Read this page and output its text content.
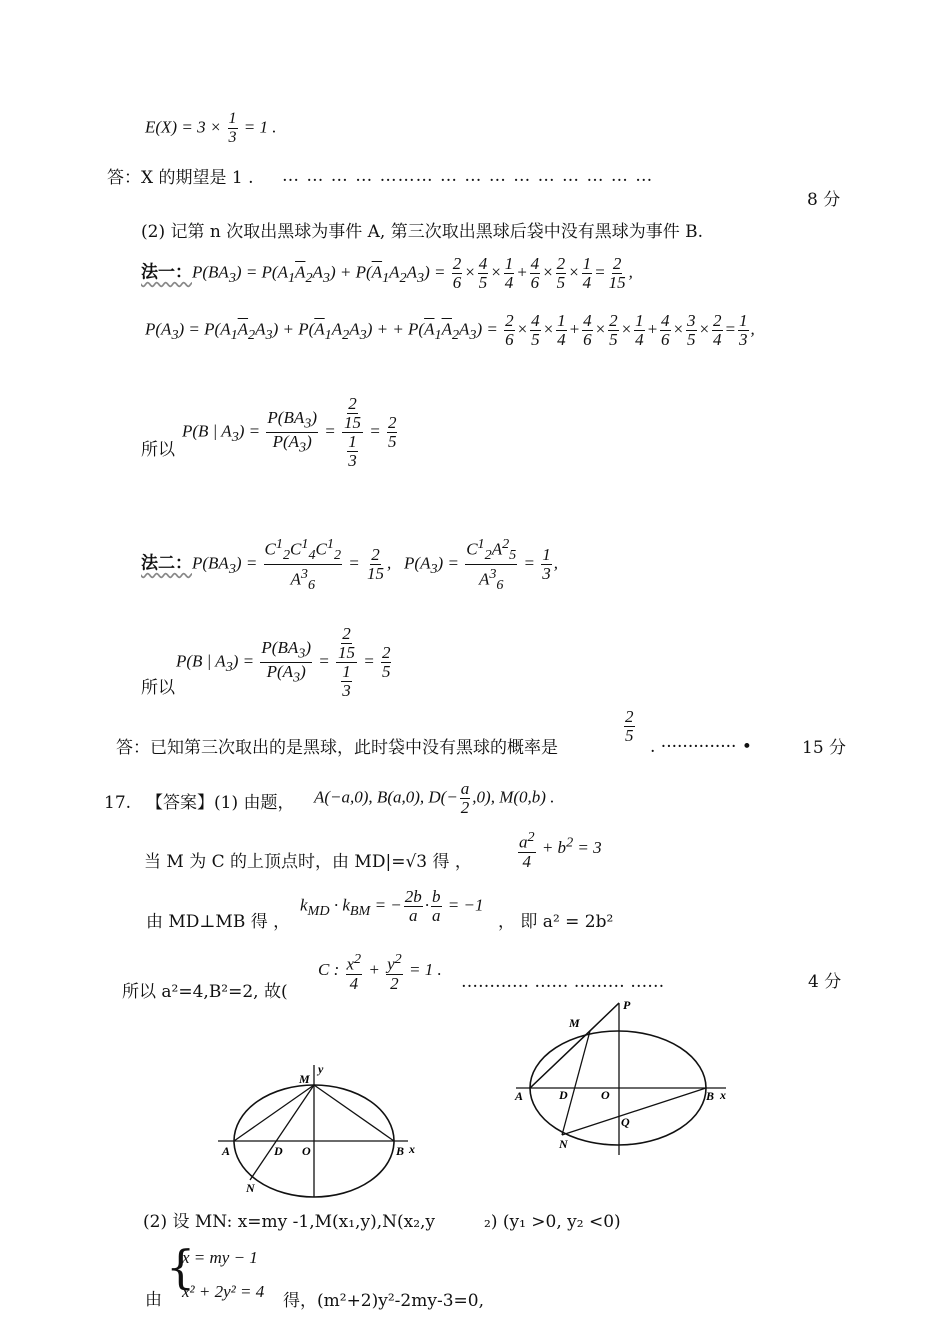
$E(X) = 3 \times \frac{1}{3} = 1$ .
答：X 的期望是 1 . … … … … ……… … … … … … … … … …
8 分
(2) 记第 n 次取出黑球为事件 A, 第三次取出黑球后袋中没有黑球为事件 B.
法一：$P(BA_3) = P(A_1\overline{A}_2A_3) + P(\overline{A}_1A_2A_3) = \frac{2}{6} \times \frac{4}{5} \times \frac{1}{4} + \frac{4}{6} \times \frac{2}{5} \times \frac{1}{4} = \frac{2}{15}$ ,
$P(A_3) = P(A_1\overline{A}_2A_3) + P(\overline{A}_1A_2A_3)$ + + $P(\overline{A}_1\overline{A}_2A_3) = \frac{2}{6} \times \frac{4}{5} \times \frac{1}{4} + \frac{4}{6} \times \frac{2}{5} \times \frac{1}{4} + \frac{4}{6} \times \frac{3}{5} \times \frac{2}{4} = \frac{1}{3}$ ,
P(B | $A_3) = \frac{P(BA_3)}{P(A_3)} = \frac{\frac{2}{15}}{\frac{1}{3}} = \frac{2}{5}$
所以
法二：$P(BA_3) = \frac{C^1_2C^1_4C^1_2}{A^3_6} = \frac{2}{15}$ ,   $P(A_3) = \frac{C^1_2A^2_5}{A^3_6} = \frac{1}{3}$ ,
P(B | $A_3) = \frac{P(BA_3)}{P(A_3)} = \frac{\frac{2}{15}}{\frac{1}{3}} = \frac{2}{5}$
所以
答：已知第三次取出的是黑球，此时袋中没有黑球的概率是
$\frac{2}{5}$
. ·············· •	15 分
17. 【答案】(1) 由题， A(−a,0), B(a,0), $D(- \frac{a}{2} ,0)$, M(0,b) .
当 M 为 C 的上顶点时，由 MD|=√3 得 ，	$\frac{a^2}{4} + b^2 = 3$
由 MD⊥MB 得 ，
$k_{MD} \cdot k_{BM}$ = − $\frac{2b}{a} \cdot \frac{b}{a} = -1$
， 即 a² = 2b²
C : $\frac{x^2}{4} + \frac{y^2}{2} = 1$ .
所以 a²=4,B²=2, 故(	………… …… ……… ……	4 分
M
y
A	D O	B x
N
P
M
A	D	O	B x
Q
N
(2) 设 MN: x=my -1,M(x₁,y),N(x₂,y	₂) (y₁ >0, y₂ <0)
{
x = my − 1
x² + 2y² = 4
由	得，(m²+2)y²-2my-3=0,
